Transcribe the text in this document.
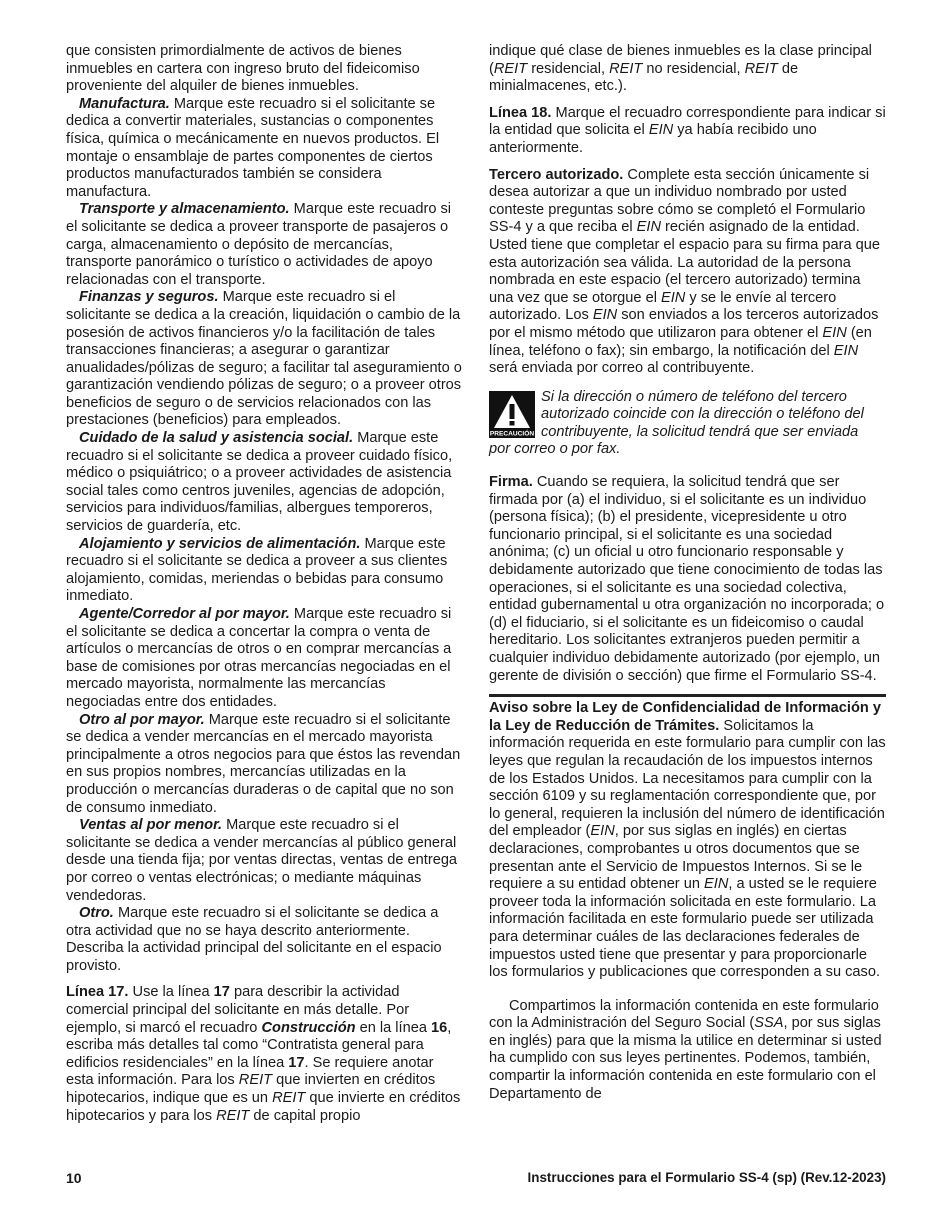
que consisten primordialmente de activos de bienes inmuebles en cartera con ingreso bruto del fideicomiso proveniente del alquiler de bienes inmuebles.

Manufactura. Marque este recuadro si el solicitante se dedica a convertir materiales, sustancias o componentes física, química o mecánicamente en nuevos productos. El montaje o ensamblaje de partes componentes de ciertos productos manufacturados también se considera manufactura.

Transporte y almacenamiento. Marque este recuadro si el solicitante se dedica a proveer transporte de pasajeros o carga, almacenamiento o depósito de mercancías, transporte panorámico o turístico o actividades de apoyo relacionadas con el transporte.

Finanzas y seguros. Marque este recuadro si el solicitante se dedica a la creación, liquidación o cambio de la posesión de activos financieros y/o la facilitación de tales transacciones financieras; a asegurar o garantizar anualidades/pólizas de seguro; a facilitar tal aseguramiento o garantización vendiendo pólizas de seguro; o a proveer otros beneficios de seguro o de servicios relacionados con las prestaciones (beneficios) para empleados.

Cuidado de la salud y asistencia social. Marque este recuadro si el solicitante se dedica a proveer cuidado físico, médico o psiquiátrico; o a proveer actividades de asistencia social tales como centros juveniles, agencias de adopción, servicios para individuos/familias, albergues temporeros, servicios de guardería, etc.

Alojamiento y servicios de alimentación. Marque este recuadro si el solicitante se dedica a proveer a sus clientes alojamiento, comidas, meriendas o bebidas para consumo inmediato.

Agente/Corredor al por mayor. Marque este recuadro si el solicitante se dedica a concertar la compra o venta de artículos o mercancías de otros o en comprar mercancías a base de comisiones por otras mercancías negociadas en el mercado mayorista, normalmente las mercancías negociadas entre dos entidades.

Otro al por mayor. Marque este recuadro si el solicitante se dedica a vender mercancías en el mercado mayorista principalmente a otros negocios para que éstos las revendan en sus propios nombres, mercancías utilizadas en la producción o mercancías duraderas o de capital que no son de consumo inmediato.

Ventas al por menor. Marque este recuadro si el solicitante se dedica a vender mercancías al público general desde una tienda fija; por ventas directas, ventas de entrega por correo o ventas electrónicas; o mediante máquinas vendedoras.

Otro. Marque este recuadro si el solicitante se dedica a otra actividad que no se haya descrito anteriormente. Describa la actividad principal del solicitante en el espacio provisto.

Línea 17. Use la línea 17 para describir la actividad comercial principal del solicitante en más detalle. Por ejemplo, si marcó el recuadro Construcción en la línea 16, escriba más detalles tal como “Contratista general para edificios residenciales” en la línea 17. Se requiere anotar esta información. Para los REIT que invierten en créditos hipotecarios, indique que es un REIT que invierte en créditos hipotecarios y para los REIT de capital propio

indique qué clase de bienes inmuebles es la clase principal (REIT residencial, REIT no residencial, REIT de minialmacenes, etc.).

Línea 18. Marque el recuadro correspondiente para indicar si la entidad que solicita el EIN ya había recibido uno anteriormente.

Tercero autorizado. Complete esta sección únicamente si desea autorizar a que un individuo nombrado por usted conteste preguntas sobre cómo se completó el Formulario SS-4 y a que reciba el EIN recién asignado de la entidad. Usted tiene que completar el espacio para su firma para que esta autorización sea válida. La autoridad de la persona nombrada en este espacio (el tercero autorizado) termina una vez que se otorgue el EIN y se le envíe al tercero autorizado. Los EIN son enviados a los terceros autorizados por el mismo método que utilizaron para obtener el EIN (en línea, teléfono o fax); sin embargo, la notificación del EIN será enviada por correo al contribuyente.

PRECAUCIÓN
Si la dirección o número de teléfono del tercero autorizado coincide con la dirección o teléfono del contribuyente, la solicitud tendrá que ser enviada

por correo o por fax.

Firma. Cuando se requiera, la solicitud tendrá que ser firmada por (a) el individuo, si el solicitante es un individuo (persona física); (b) el presidente, vicepresidente u otro funcionario principal, si el solicitante es una sociedad anónima; (c) un oficial u otro funcionario responsable y debidamente autorizado que tiene conocimiento de todas las operaciones, si el solicitante es una sociedad colectiva, entidad gubernamental u otra organización no incorporada; o (d) el fiduciario, si el solicitante es un fideicomiso o caudal hereditario. Los solicitantes extranjeros pueden permitir a cualquier individuo debidamente autorizado (por ejemplo, un gerente de división o sección) que firme el Formulario SS-4.

Aviso sobre la Ley de Confidencialidad de Información y la Ley de Reducción de Trámites. Solicitamos la información requerida en este formulario para cumplir con las leyes que regulan la recaudación de los impuestos internos de los Estados Unidos. La necesitamos para cumplir con la sección 6109 y su reglamentación correspondiente que, por lo general, requieren la inclusión del número de identificación del empleador (EIN, por sus siglas en inglés) en ciertas declaraciones, comprobantes u otros documentos que se presentan ante el Servicio de Impuestos Internos. Si se le requiere a su entidad obtener un EIN, a usted se le requiere proveer toda la información solicitada en este formulario. La información facilitada en este formulario puede ser utilizada para determinar cuáles de las declaraciones federales de impuestos usted tiene que presentar y para proporcionarle los formularios y publicaciones que corresponden a su caso.

Compartimos la información contenida en este formulario con la Administración del Seguro Social (SSA, por sus siglas en inglés) para que la misma la utilice en determinar si usted ha cumplido con sus leyes pertinentes. Podemos, también, compartir la información contenida en este formulario con el Departamento de

10	Instrucciones para el Formulario SS-4 (sp) (Rev.12-2023)
